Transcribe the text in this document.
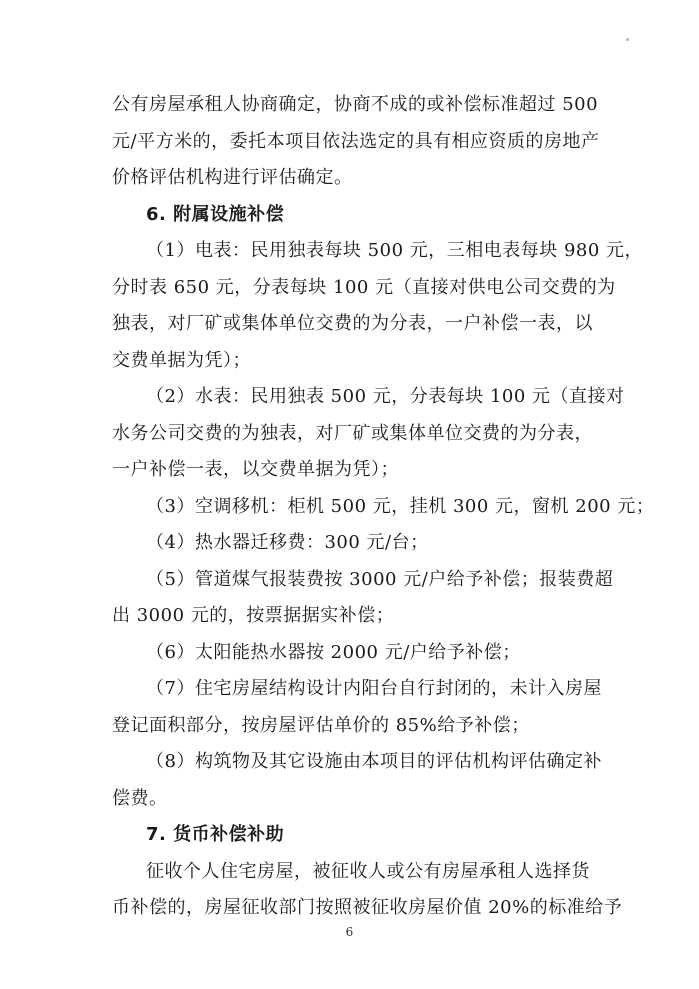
公有房屋承租人协商确定，协商不成的或补偿标准超过 500
元/平方米的，委托本项目依法选定的具有相应资质的房地产
价格评估机构进行评估确定。
6. 附属设施补偿
（1）电表：民用独表每块 500 元，三相电表每块 980 元，
分时表 650 元，分表每块 100 元（直接对供电公司交费的为
独表，对厂矿或集体单位交费的为分表，一户补偿一表，以
交费单据为凭）；
（2）水表：民用独表 500 元，分表每块 100 元（直接对
水务公司交费的为独表，对厂矿或集体单位交费的为分表，
一户补偿一表，以交费单据为凭）；
（3）空调移机：柜机 500 元，挂机 300 元，窗机 200 元；
（4）热水器迁移费：300 元/台；
（5）管道煤气报装费按 3000 元/户给予补偿；报装费超
出 3000 元的，按票据据实补偿；
（6）太阳能热水器按 2000 元/户给予补偿；
（7）住宅房屋结构设计内阳台自行封闭的，未计入房屋
登记面积部分，按房屋评估单价的 85%给予补偿；
（8）构筑物及其它设施由本项目的评估机构评估确定补
偿费。
7. 货币补偿补助
征收个人住宅房屋，被征收人或公有房屋承租人选择货
币补偿的，房屋征收部门按照被征收房屋价值 20%的标准给予
6
